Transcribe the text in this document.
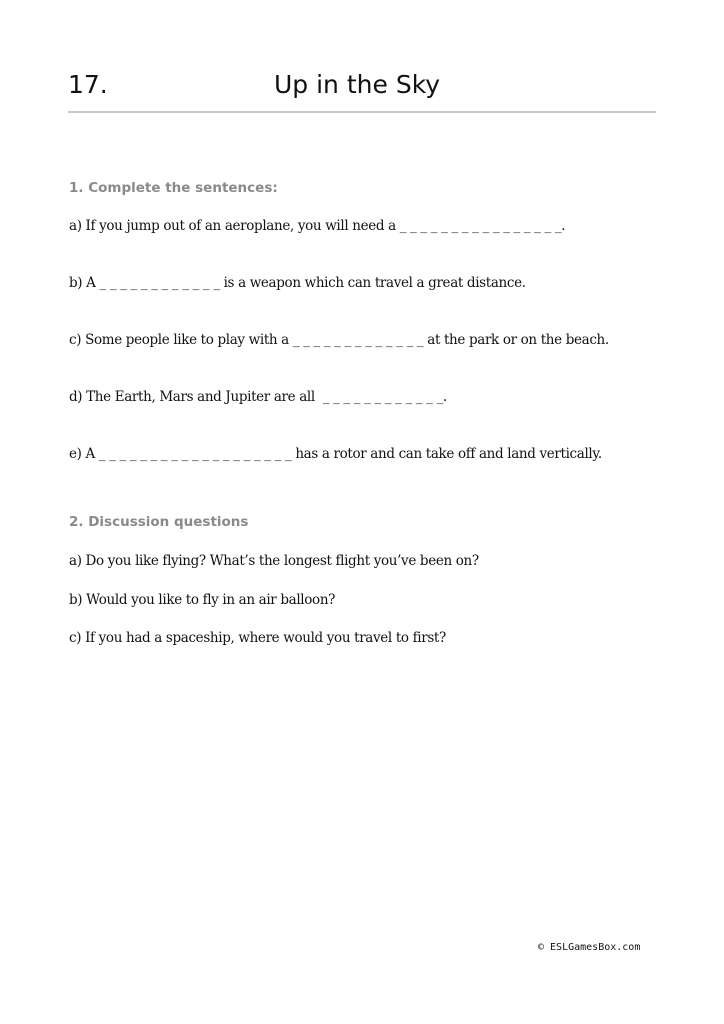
17.	Up in the Sky
1. Complete the sentences:
a) If you jump out of an aeroplane, you will need a _ _ _ _ _ _ _ _ _ _ _ _ _ _ _ _.
b) A _ _ _ _ _ _ _ _ _ _ _ _ is a weapon which can travel a great distance.
c) Some people like to play with a _ _ _ _ _ _ _ _ _ _ _ _ _ at the park or on the beach.
d) The Earth, Mars and Jupiter are all  _ _ _ _ _ _ _ _ _ _ _ _.
e) A _ _ _ _ _ _ _ _ _ _ _ _ _ _ _ _ _ _ _ has a rotor and can take off and land vertically.
2. Discussion questions
a) Do you like flying? What’s the longest flight you’ve been on?
b) Would you like to fly in an air balloon?
c) If you had a spaceship, where would you travel to first?
© ESLGamesBox.com
